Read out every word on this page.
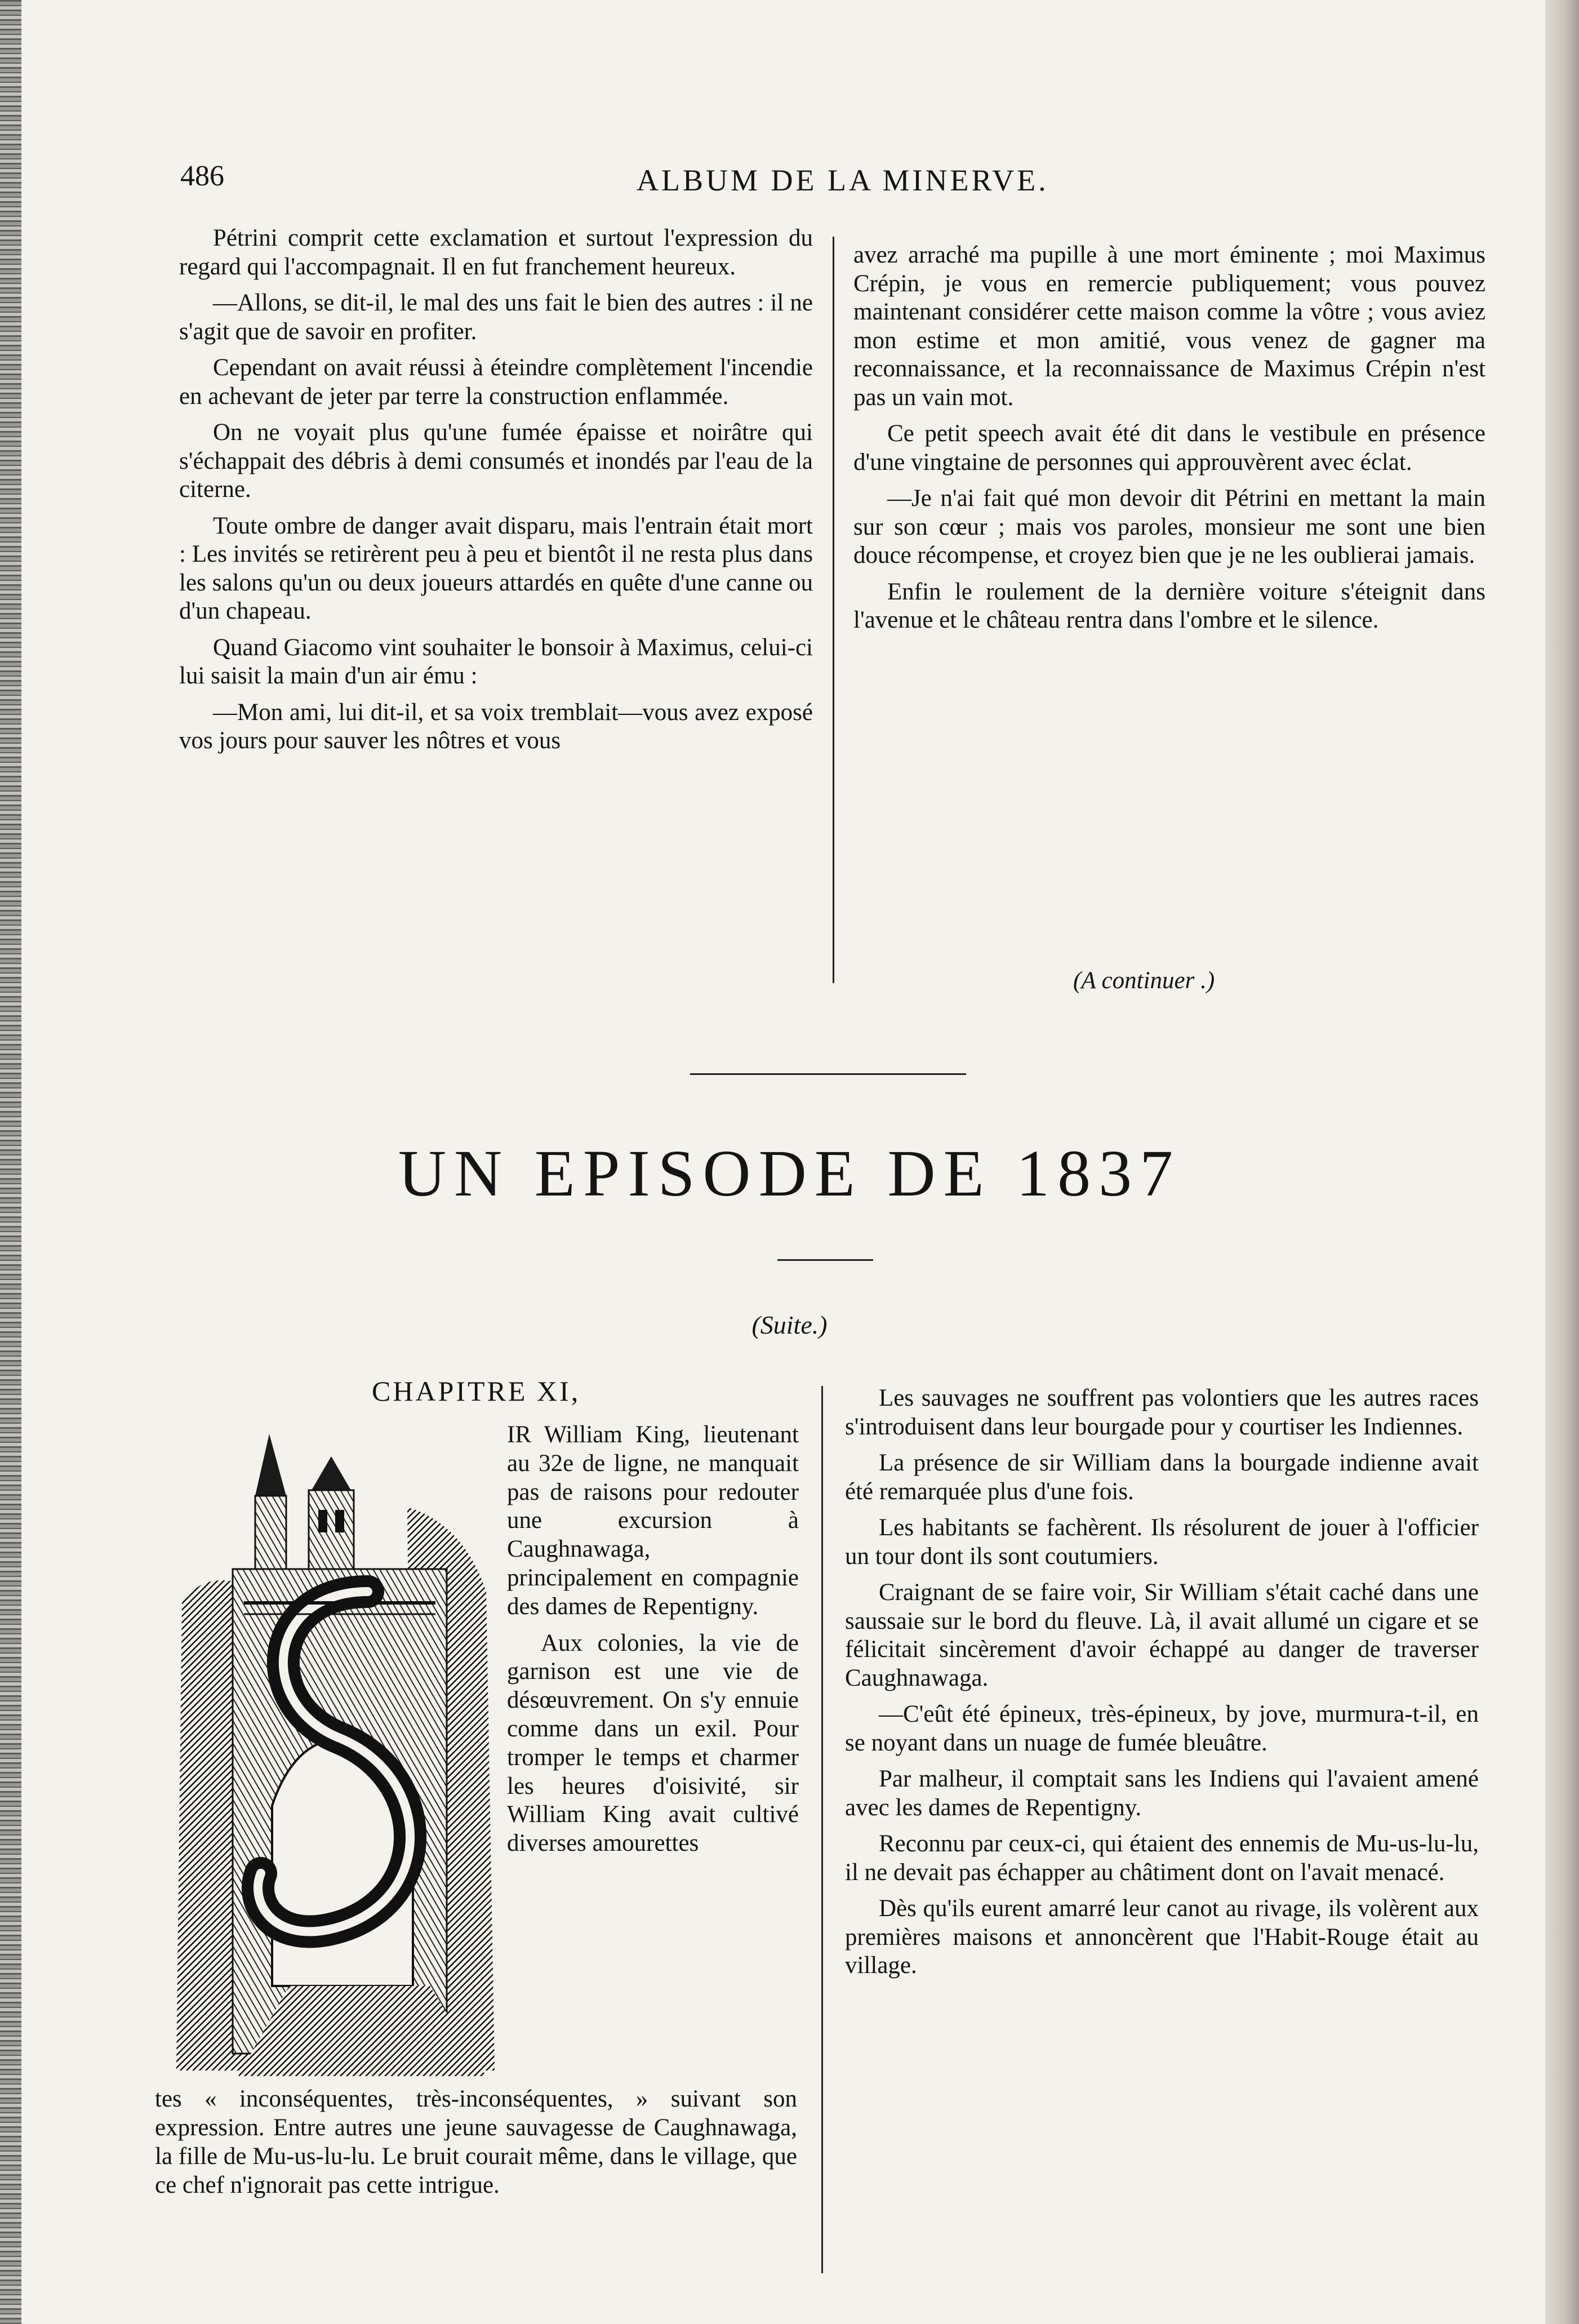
486	ALBUM DE LA MINERVE.

Pétrini comprit cette exclamation et surtout l'expression du regard qui l'accompagnait. Il en fut franchement heureux.

—Allons, se dit-il, le mal des uns fait le bien des autres : il ne s'agit que de savoir en profiter.

Cependant on avait réussi à éteindre complètement l'incendie en achevant de jeter par terre la construction enflammée.

On ne voyait plus qu'une fumée épaisse et noirâtre qui s'échappait des débris à demi consumés et inondés par l'eau de la citerne.

Toute ombre de danger avait disparu, mais l'entrain était mort : Les invités se retirèrent peu à peu et bientôt il ne resta plus dans les salons qu'un ou deux joueurs attardés en quête d'une canne ou d'un chapeau.

Quand Giacomo vint souhaiter le bonsoir à Maximus, celui-ci lui saisit la main d'un air ému :

—Mon ami, lui dit-il, et sa voix tremblait—vous avez exposé vos jours pour sauver les nôtres et vous

avez arraché ma pupille à une mort éminente ; moi Maximus Crépin, je vous en remercie publiquement; vous pouvez maintenant considérer cette maison comme la vôtre ; vous aviez mon estime et mon amitié, vous venez de gagner ma reconnaissance, et la reconnaissance de Maximus Crépin n'est pas un vain mot.

Ce petit speech avait été dit dans le vestibule en présence d'une vingtaine de personnes qui approuvèrent avec éclat.

—Je n'ai fait qué mon devoir dit Pétrini en mettant la main sur son cœur ; mais vos paroles, monsieur me sont une bien douce récompense, et croyez bien que je ne les oublierai jamais.

Enfin le roulement de la dernière voiture s'éteignit dans l'avenue et le château rentra dans l'ombre et le silence.

(A continuer .)
UN EPISODE DE 1837
(Suite.)
CHAPITRE XI,

IR William King, lieutenant au 32e de ligne, ne manquait pas de raisons pour redouter une excursion à Caughnawaga, principalement en compagnie des dames de Repentigny.

Aux colonies, la vie de garnison est une vie de désœuvrement. On s'y ennuie comme dans un exil. Pour tromper le temps et charmer les heures d'oisivité, sir William King avait cultivé diverses amourettes

tes « inconséquentes, très-inconséquentes, » suivant son expression. Entre autres une jeune sauvagesse de Caughnawaga, la fille de Mu-us-lu-lu. Le bruit courait même, dans le village, que ce chef n'ignorait pas cette intrigue.

Les sauvages ne souffrent pas volontiers que les autres races s'introduisent dans leur bourgade pour y courtiser les Indiennes.

La présence de sir William dans la bourgade indienne avait été remarquée plus d'une fois.

Les habitants se fachèrent. Ils résolurent de jouer à l'officier un tour dont ils sont coutumiers.

Craignant de se faire voir, Sir William s'était caché dans une saussaie sur le bord du fleuve. Là, il avait allumé un cigare et se félicitait sincèrement d'avoir échappé au danger de traverser Caughnawaga.

—C'eût été épineux, très-épineux, by jove, murmura-t-il, en se noyant dans un nuage de fumée bleuâtre.

Par malheur, il comptait sans les Indiens qui l'avaient amené avec les dames de Repentigny.

Reconnu par ceux-ci, qui étaient des ennemis de Mu-us-lu-lu, il ne devait pas échapper au châtiment dont on l'avait menacé.

Dès qu'ils eurent amarré leur canot au rivage, ils volèrent aux premières maisons et annoncèrent que l'Habit-Rouge était au village.
